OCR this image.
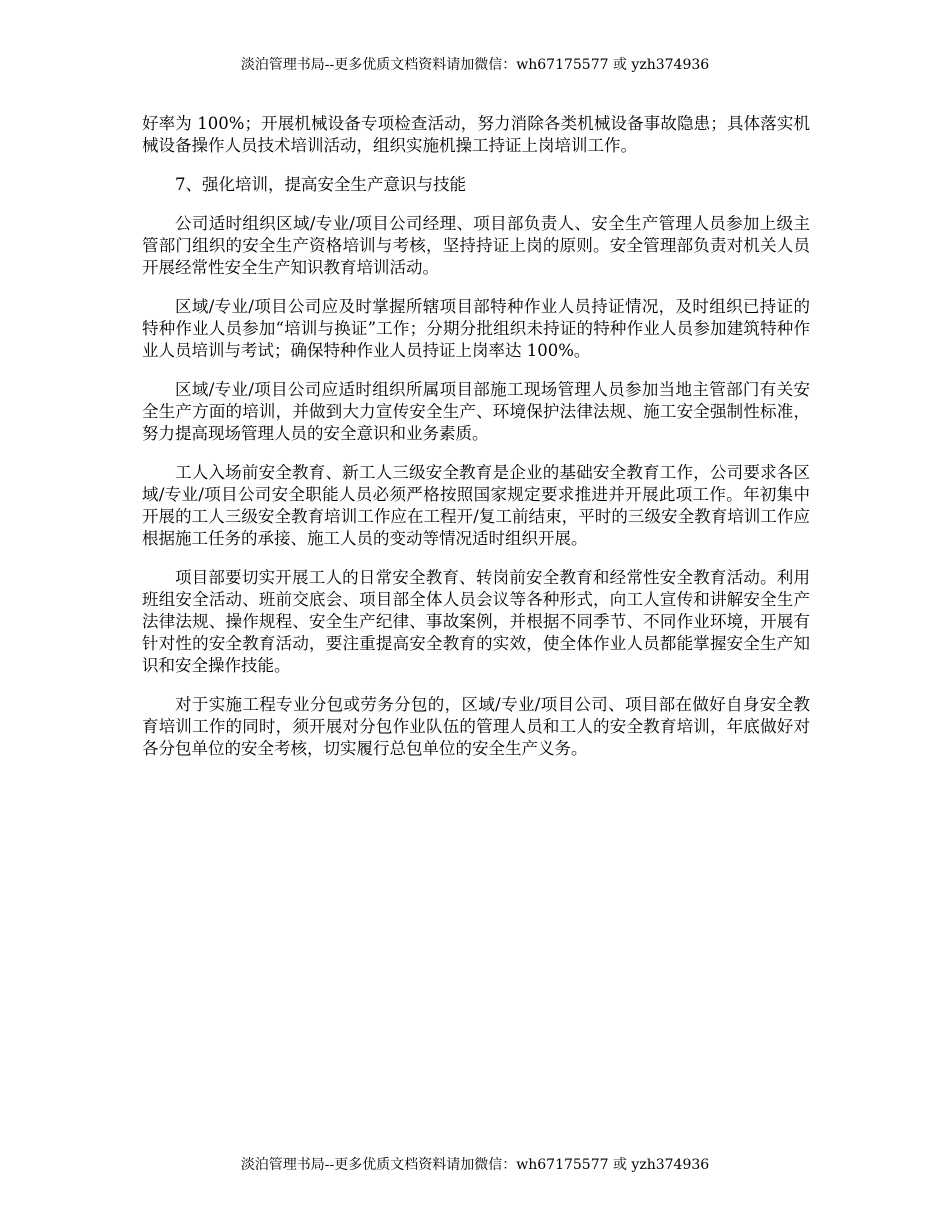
淡泊管理书局--更多优质文档资料请加微信：wh67175577 或 yzh374936

好率为 100%；开展机械设备专项检查活动，努力消除各类机械设备事故隐患；具体落实机械设备操作人员技术培训活动，组织实施机操工持证上岗培训工作。

7、强化培训，提高安全生产意识与技能

公司适时组织区域/专业/项目公司经理、项目部负责人、安全生产管理人员参加上级主管部门组织的安全生产资格培训与考核，坚持持证上岗的原则。安全管理部负责对机关人员开展经常性安全生产知识教育培训活动。

区域/专业/项目公司应及时掌握所辖项目部特种作业人员持证情况，及时组织已持证的特种作业人员参加“培训与换证”工作；分期分批组织未持证的特种作业人员参加建筑特种作业人员培训与考试；确保特种作业人员持证上岗率达 100%。

区域/专业/项目公司应适时组织所属项目部施工现场管理人员参加当地主管部门有关安全生产方面的培训，并做到大力宣传安全生产、环境保护法律法规、施工安全强制性标准，努力提高现场管理人员的安全意识和业务素质。

工人入场前安全教育、新工人三级安全教育是企业的基础安全教育工作，公司要求各区域/专业/项目公司安全职能人员必须严格按照国家规定要求推进并开展此项工作。年初集中开展的工人三级安全教育培训工作应在工程开/复工前结束，平时的三级安全教育培训工作应根据施工任务的承接、施工人员的变动等情况适时组织开展。

项目部要切实开展工人的日常安全教育、转岗前安全教育和经常性安全教育活动。利用班组安全活动、班前交底会、项目部全体人员会议等各种形式，向工人宣传和讲解安全生产法律法规、操作规程、安全生产纪律、事故案例，并根据不同季节、不同作业环境，开展有针对性的安全教育活动，要注重提高安全教育的实效，使全体作业人员都能掌握安全生产知识和安全操作技能。

对于实施工程专业分包或劳务分包的，区域/专业/项目公司、项目部在做好自身安全教育培训工作的同时，须开展对分包作业队伍的管理人员和工人的安全教育培训，年底做好对各分包单位的安全考核，切实履行总包单位的安全生产义务。

淡泊管理书局--更多优质文档资料请加微信：wh67175577 或 yzh374936
